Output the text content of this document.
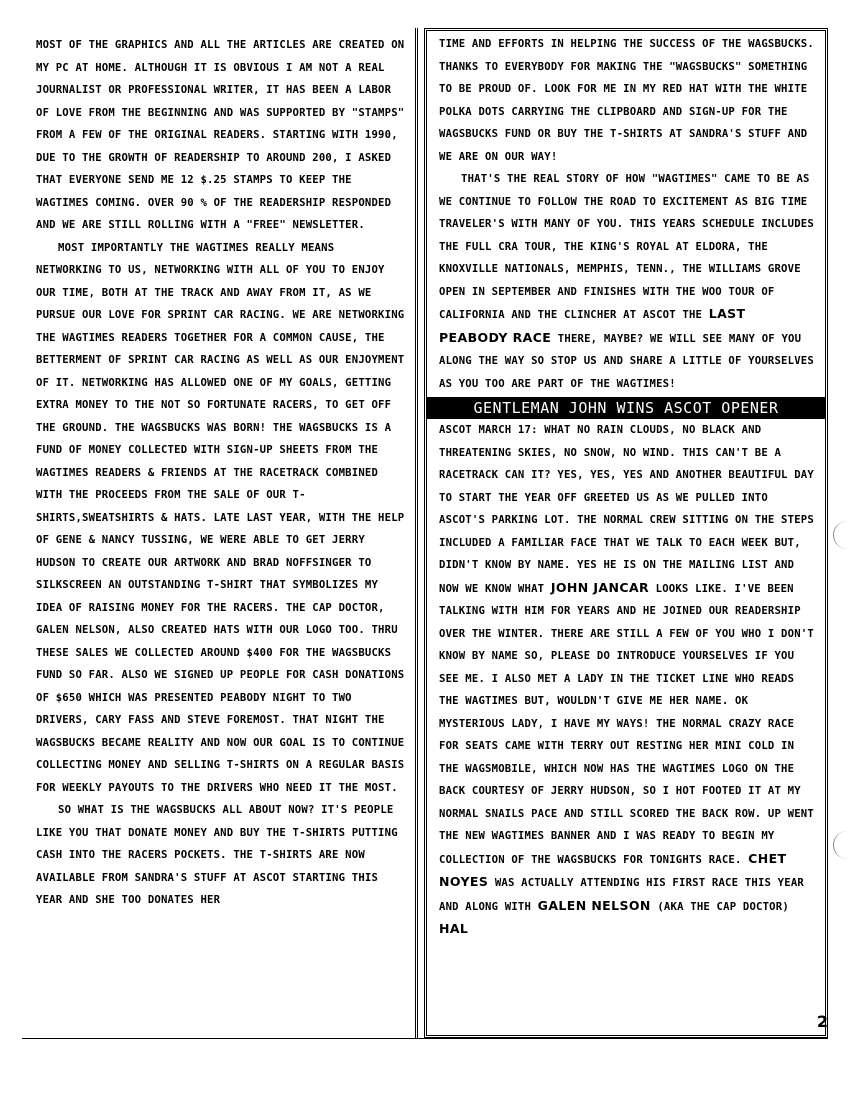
MOST OF THE GRAPHICS AND ALL THE ARTICLES ARE CREATED ON MY PC AT HOME. ALTHOUGH IT IS OBVIOUS I AM NOT A REAL JOURNALIST OR PROFESSIONAL WRITER, IT HAS BEEN A LABOR OF LOVE FROM THE BEGINNING AND WAS SUPPORTED BY "STAMPS" FROM A FEW OF THE ORIGINAL READERS. STARTING WITH 1990, DUE TO THE GROWTH OF READERSHIP TO AROUND 200, I ASKED THAT EVERYONE SEND ME 12 $.25 STAMPS TO KEEP THE WAGTIMES COMING. OVER 90 % OF THE READERSHIP RESPONDED AND WE ARE STILL ROLLING WITH A "FREE" NEWSLETTER.

MOST IMPORTANTLY THE WAGTIMES REALLY MEANS NETWORKING TO US, NETWORKING WITH ALL OF YOU TO ENJOY OUR TIME, BOTH AT THE TRACK AND AWAY FROM IT, AS WE PURSUE OUR LOVE FOR SPRINT CAR RACING. WE ARE NETWORKING THE WAGTIMES READERS TOGETHER FOR A COMMON CAUSE, THE BETTERMENT OF SPRINT CAR RACING AS WELL AS OUR ENJOYMENT OF IT. NETWORKING HAS ALLOWED ONE OF MY GOALS, GETTING EXTRA MONEY TO THE NOT SO FORTUNATE RACERS, TO GET OFF THE GROUND. THE WAGSBUCKS WAS BORN! THE WAGSBUCKS IS A FUND OF MONEY COLLECTED WITH SIGN-UP SHEETS FROM THE WAGTIMES READERS & FRIENDS AT THE RACETRACK COMBINED WITH THE PROCEEDS FROM THE SALE OF OUR T-SHIRTS,SWEATSHIRTS & HATS. LATE LAST YEAR, WITH THE HELP OF GENE & NANCY TUSSING, WE WERE ABLE TO GET JERRY HUDSON TO CREATE OUR ARTWORK AND BRAD NOFFSINGER TO SILKSCREEN AN OUTSTANDING T-SHIRT THAT SYMBOLIZES MY IDEA OF RAISING MONEY FOR THE RACERS. THE CAP DOCTOR, GALEN NELSON, ALSO CREATED HATS WITH OUR LOGO TOO. THRU THESE SALES WE COLLECTED AROUND $400 FOR THE WAGSBUCKS FUND SO FAR. ALSO WE SIGNED UP PEOPLE FOR CASH DONATIONS OF $650 WHICH WAS PRESENTED PEABODY NIGHT TO TWO DRIVERS, CARY FASS AND STEVE FOREMOST. THAT NIGHT THE WAGSBUCKS BECAME REALITY AND NOW OUR GOAL IS TO CONTINUE COLLECTING MONEY AND SELLING T-SHIRTS ON A REGULAR BASIS FOR WEEKLY PAYOUTS TO THE DRIVERS WHO NEED IT THE MOST.

SO WHAT IS THE WAGSBUCKS ALL ABOUT NOW? IT'S PEOPLE LIKE YOU THAT DONATE MONEY AND BUY THE T-SHIRTS PUTTING CASH INTO THE RACERS POCKETS. THE T-SHIRTS ARE NOW AVAILABLE FROM SANDRA'S STUFF AT ASCOT STARTING THIS YEAR AND SHE TOO DONATES HER

TIME AND EFFORTS IN HELPING THE SUCCESS OF THE WAGSBUCKS. THANKS TO EVERYBODY FOR MAKING THE "WAGSBUCKS" SOMETHING TO BE PROUD OF. LOOK FOR ME IN MY RED HAT WITH THE WHITE POLKA DOTS CARRYING THE CLIPBOARD AND SIGN-UP FOR THE WAGSBUCKS FUND OR BUY THE T-SHIRTS AT SANDRA'S STUFF AND WE ARE ON OUR WAY!

THAT'S THE REAL STORY OF HOW "WAGTIMES" CAME TO BE AS WE CONTINUE TO FOLLOW THE ROAD TO EXCITEMENT AS BIG TIME TRAVELER'S WITH MANY OF YOU. THIS YEARS SCHEDULE INCLUDES THE FULL CRA TOUR, THE KING'S ROYAL AT ELDORA, THE KNOXVILLE NATIONALS, MEMPHIS, TENN., THE WILLIAMS GROVE OPEN IN SEPTEMBER AND FINISHES WITH THE WOO TOUR OF CALIFORNIA AND THE CLINCHER AT ASCOT THE LAST PEABODY RACE THERE, MAYBE? WE WILL SEE MANY OF YOU ALONG THE WAY SO STOP US AND SHARE A LITTLE OF YOURSELVES AS YOU TOO ARE PART OF THE WAGTIMES!

GENTLEMAN JOHN WINS ASCOT OPENER

ASCOT MARCH 17: WHAT NO RAIN CLOUDS, NO BLACK AND THREATENING SKIES, NO SNOW, NO WIND. THIS CAN'T BE A RACETRACK CAN IT? YES, YES, YES AND ANOTHER BEAUTIFUL DAY TO START THE YEAR OFF GREETED US AS WE PULLED INTO ASCOT'S PARKING LOT. THE NORMAL CREW SITTING ON THE STEPS INCLUDED A FAMILIAR FACE THAT WE TALK TO EACH WEEK BUT, DIDN'T KNOW BY NAME. YES HE IS ON THE MAILING LIST AND NOW WE KNOW WHAT JOHN JANCAR LOOKS LIKE. I'VE BEEN TALKING WITH HIM FOR YEARS AND HE JOINED OUR READERSHIP OVER THE WINTER. THERE ARE STILL A FEW OF YOU WHO I DON'T KNOW BY NAME SO, PLEASE DO INTRODUCE YOURSELVES IF YOU SEE ME. I ALSO MET A LADY IN THE TICKET LINE WHO READS THE WAGTIMES BUT, WOULDN'T GIVE ME HER NAME. OK MYSTERIOUS LADY, I HAVE MY WAYS! THE NORMAL CRAZY RACE FOR SEATS CAME WITH TERRY OUT RESTING HER MINI COLD IN THE WAGSMOBILE, WHICH NOW HAS THE WAGTIMES LOGO ON THE BACK COURTESY OF JERRY HUDSON, SO I HOT FOOTED IT AT MY NORMAL SNAILS PACE AND STILL SCORED THE BACK ROW. UP WENT THE NEW WAGTIMES BANNER AND I WAS READY TO BEGIN MY COLLECTION OF THE WAGSBUCKS FOR TONIGHTS RACE. CHET NOYES WAS ACTUALLY ATTENDING HIS FIRST RACE THIS YEAR AND ALONG WITH GALEN NELSON (AKA THE CAP DOCTOR) HAL

2
